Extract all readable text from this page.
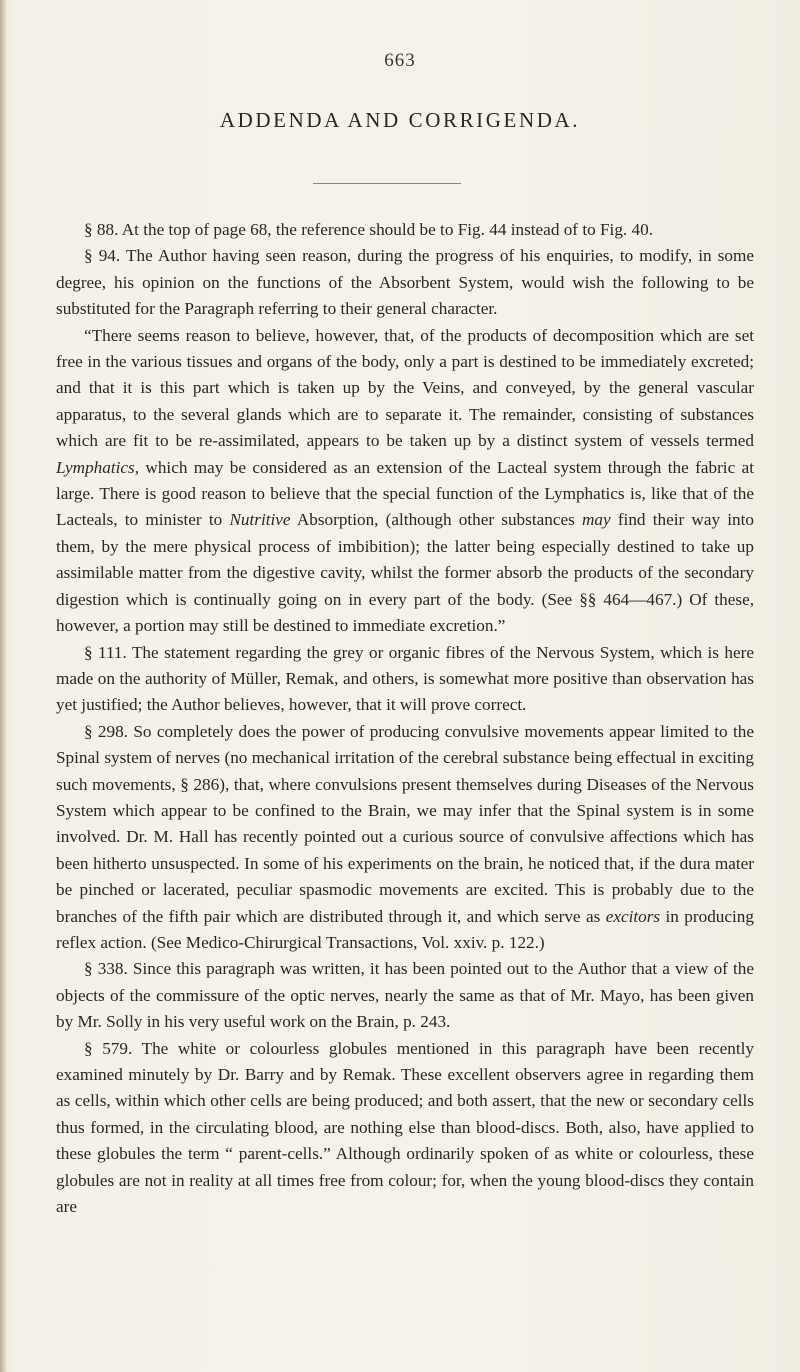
663
ADDENDA AND CORRIGENDA.

§ 88. At the top of page 68, the reference should be to Fig. 44 instead of to Fig. 40.

§ 94. The Author having seen reason, during the progress of his enquiries, to modify, in some degree, his opinion on the functions of the Absorbent System, would wish the following to be substituted for the Paragraph referring to their general character.

“There seems reason to believe, however, that, of the products of decomposition which are set free in the various tissues and organs of the body, only a part is destined to be immediately excreted; and that it is this part which is taken up by the Veins, and conveyed, by the general vascular apparatus, to the several glands which are to separate it. The remainder, consisting of substances which are fit to be re-assimilated, appears to be taken up by a distinct system of vessels termed Lymphatics, which may be considered as an extension of the Lacteal system through the fabric at large. There is good reason to believe that the special function of the Lymphatics is, like that of the Lacteals, to minister to Nutritive Absorption, (although other substances may find their way into them, by the mere physical process of imbibition); the latter being especially destined to take up assimilable matter from the digestive cavity, whilst the former absorb the products of the secondary digestion which is continually going on in every part of the body. (See §§ 464—467.) Of these, however, a portion may still be destined to immediate excretion.”

§ 111. The statement regarding the grey or organic fibres of the Nervous System, which is here made on the authority of Müller, Remak, and others, is somewhat more positive than observation has yet justified; the Author believes, however, that it will prove correct.

§ 298. So completely does the power of producing convulsive movements appear limited to the Spinal system of nerves (no mechanical irritation of the cerebral substance being effectual in exciting such movements, § 286), that, where convulsions present themselves during Diseases of the Nervous System which appear to be confined to the Brain, we may infer that the Spinal system is in some involved. Dr. M. Hall has recently pointed out a curious source of convulsive affections which has been hitherto unsuspected. In some of his experiments on the brain, he noticed that, if the dura mater be pinched or lacerated, peculiar spasmodic movements are excited. This is probably due to the branches of the fifth pair which are distributed through it, and which serve as excitors in producing reflex action. (See Medico-Chirurgical Transactions, Vol. xxiv. p. 122.)

§ 338. Since this paragraph was written, it has been pointed out to the Author that a view of the objects of the commissure of the optic nerves, nearly the same as that of Mr. Mayo, has been given by Mr. Solly in his very useful work on the Brain, p. 243.

§ 579. The white or colourless globules mentioned in this paragraph have been recently examined minutely by Dr. Barry and by Remak. These excellent observers agree in regarding them as cells, within which other cells are being produced; and both assert, that the new or secondary cells thus formed, in the circulating blood, are nothing else than blood-discs. Both, also, have applied to these globules the term “ parent-cells.” Although ordinarily spoken of as white or colourless, these globules are not in reality at all times free from colour; for, when the young blood-discs they contain are
